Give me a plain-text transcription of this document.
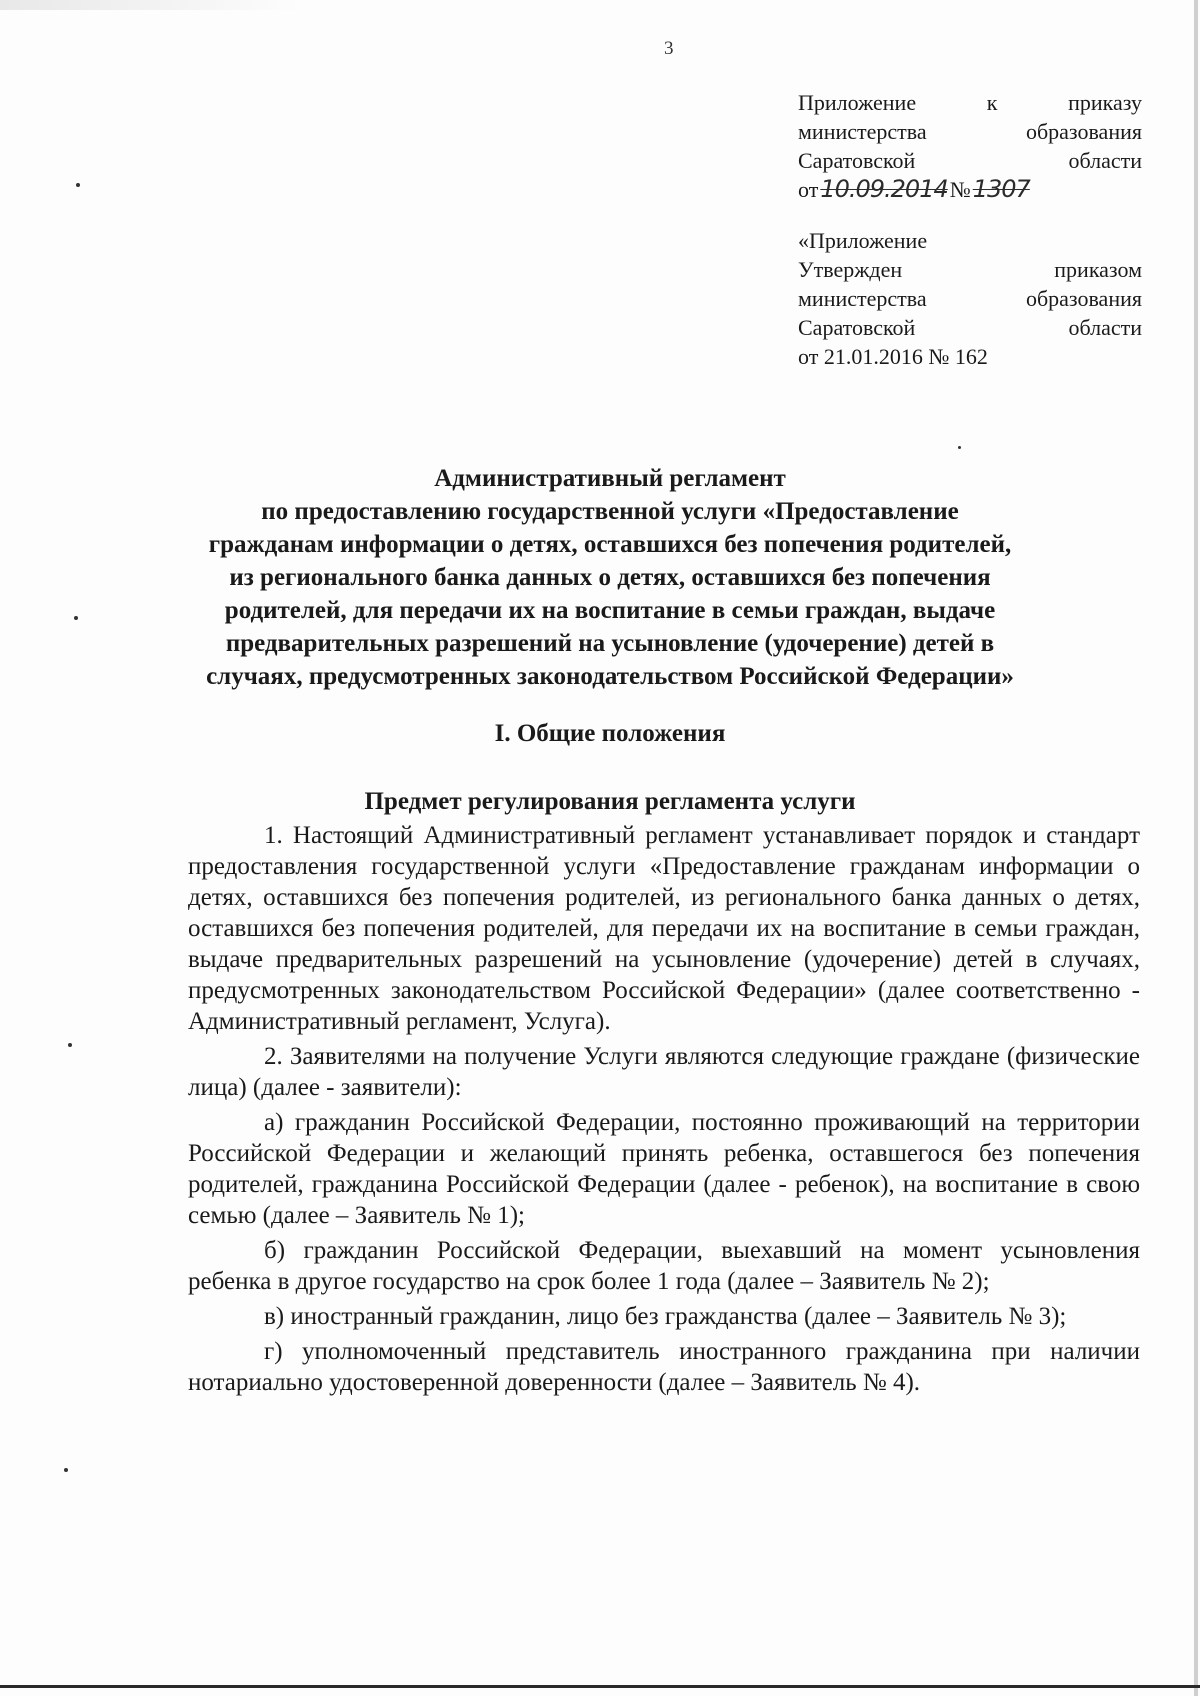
3
Приложение	к	приказу
министерства	образования
Саратовской	области
от 10.09.2014 № 1307
«Приложение
Утвержден	приказом
министерства	образования
Саратовской	области
от 21.01.2016 № 162
Административный регламент
по предоставлению государственной услуги «Предоставление
гражданам информации о детях, оставшихся без попечения родителей,
из регионального банка данных о детях, оставшихся без попечения
родителей, для передачи их на воспитание в семьи граждан, выдаче
предварительных разрешений на усыновление (удочерение) детей в
случаях, предусмотренных законодательством Российской Федерации»
I. Общие положения
Предмет регулирования регламента услуги

1. Настоящий Административный регламент устанавливает порядок и стандарт предоставления государственной услуги «Предоставление гражданам информации о детях, оставшихся без попечения родителей, из регионального банка данных о детях, оставшихся без попечения родителей, для передачи их на воспитание в семьи граждан, выдаче предварительных разрешений на усыновление (удочерение) детей в случаях, предусмотренных законодательством Российской Федерации» (далее соответственно - Административный регламент, Услуга).

2. Заявителями на получение Услуги являются следующие граждане (физические лица) (далее - заявители):

а) гражданин Российской Федерации, постоянно проживающий на территории Российской Федерации и желающий принять ребенка, оставшегося без попечения родителей, гражданина Российской Федерации (далее - ребенок), на воспитание в свою семью (далее – Заявитель № 1);

б) гражданин Российской Федерации, выехавший на момент усыновления ребенка в другое государство на срок более 1 года (далее – Заявитель № 2);

в) иностранный гражданин, лицо без гражданства (далее – Заявитель № 3);

г) уполномоченный представитель иностранного гражданина при наличии нотариально удостоверенной доверенности (далее – Заявитель № 4).
